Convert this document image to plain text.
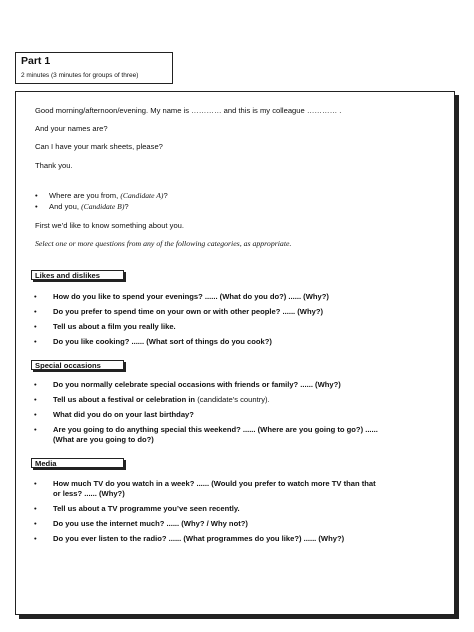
Part 1
2 minutes (3 minutes for groups of three)
Good morning/afternoon/evening. My name is ………… and this is my colleague ………… .
And your names are?
Can I have your mark sheets, please?
Thank you.
• Where are you from, (Candidate A)?
• And you, (Candidate B)?
First we’d like to know something about you.
Select one or more questions from any of the following categories, as appropriate.
Likes and dislikes
• How do you like to spend your evenings? ...... (What do you do?) ...... (Why?)
• Do you prefer to spend time on your own or with other people? ...... (Why?)
• Tell us about a film you really like.
• Do you like cooking? ...... (What sort of things do you cook?)
Special occasions
• Do you normally celebrate special occasions with friends or family? ...... (Why?)
• Tell us about a festival or celebration in (candidate’s country).
• What did you do on your last birthday?
• Are you going to do anything special this weekend? ...... (Where are you going to go?) ......
(What are you going to do?)
Media
• How much TV do you watch in a week? ...... (Would you prefer to watch more TV than that
or less? ...... (Why?)
• Tell us about a TV programme you’ve seen recently.
• Do you use the internet much? ...... (Why? / Why not?)
• Do you ever listen to the radio? ...... (What programmes do you like?) ...... (Why?)
